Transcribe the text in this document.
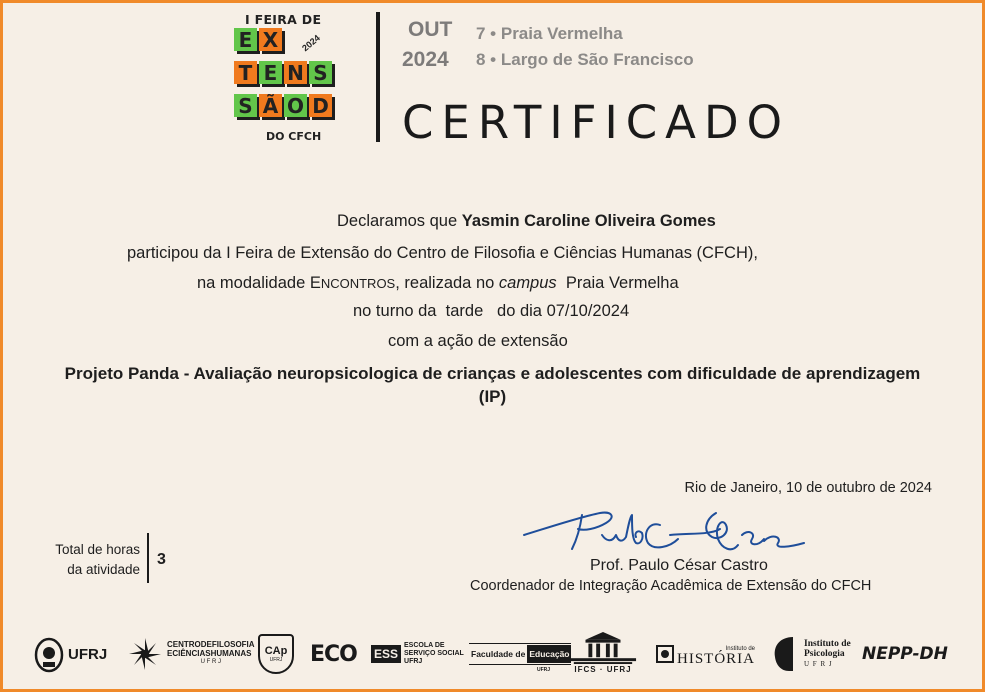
I FEIRA DE
E X
T E N S
S Ã O D
2024
DO CFCH
OUT
2024
7 • Praia Vermelha
8 • Largo de São Francisco
CERTIFICADO
Declaramos que Yasmin Caroline Oliveira Gomes
participou da I Feira de Extensão do Centro de Filosofia e Ciências Humanas (CFCH),
na modalidade ENCONTROS, realizada no campus  Praia Vermelha
no turno da  tarde   do dia 07/10/2024
com a ação de extensão
Projeto Panda - Avaliação neuropsicologica de crianças e adolescentes com dificuldade de aprendizagem (IP)
Rio de Janeiro, 10 de outubro de 2024
Prof. Paulo César Castro
Coordenador de Integração Acadêmica de Extensão do CFCH
Total de horas
da atividade
3
UFRJ
CENTRODEFILOSOFIA
ECIÊNCIASHUMANAS
U F R J
CAp
UFRJ ECO ESS
ESCOLA DE
SERVIÇO SOCIAL
UFRJ
Faculdade de Educação
UFRJ	IFCS · UFRJ
Instituto de
HISTÓRIA
Instituto de
Psicologia
U F R J	NEPP-DH
